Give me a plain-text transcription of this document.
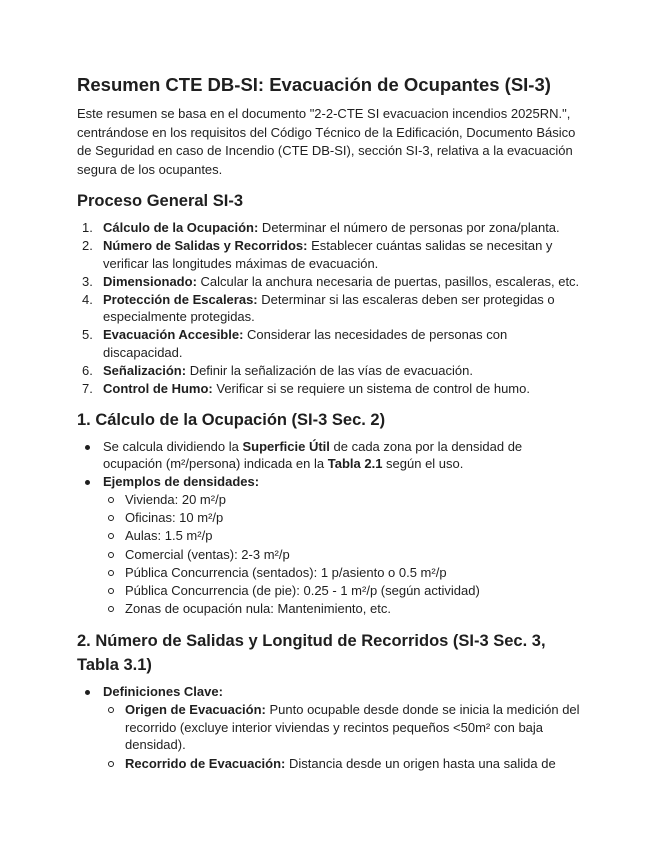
Resumen CTE DB-SI: Evacuación de Ocupantes (SI-3)

Este resumen se basa en el documento "2-2-CTE SI evacuacion incendios 2025RN.", centrándose en los requisitos del Código Técnico de la Edificación, Documento Básico de Seguridad en caso de Incendio (CTE DB-SI), sección SI-3, relativa a la evacuación segura de los ocupantes.

Proceso General SI-3
1. Cálculo de la Ocupación: Determinar el número de personas por zona/planta.
2. Número de Salidas y Recorridos: Establecer cuántas salidas se necesitan y verificar las longitudes máximas de evacuación.
3. Dimensionado: Calcular la anchura necesaria de puertas, pasillos, escaleras, etc.
4. Protección de Escaleras: Determinar si las escaleras deben ser protegidas o especialmente protegidas.
5. Evacuación Accesible: Considerar las necesidades de personas con discapacidad.
6. Señalización: Definir la señalización de las vías de evacuación.
7. Control de Humo: Verificar si se requiere un sistema de control de humo.
1. Cálculo de la Ocupación (SI-3 Sec. 2)
Se calcula dividiendo la Superficie Útil de cada zona por la densidad de ocupación (m²/persona) indicada en la Tabla 2.1 según el uso.
Ejemplos de densidades:
Vivienda: 20 m²/p
Oficinas: 10 m²/p
Aulas: 1.5 m²/p
Comercial (ventas): 2-3 m²/p
Pública Concurrencia (sentados): 1 p/asiento o 0.5 m²/p
Pública Concurrencia (de pie): 0.25 - 1 m²/p (según actividad)
Zonas de ocupación nula: Mantenimiento, etc.
2. Número de Salidas y Longitud de Recorridos (SI-3 Sec. 3, Tabla 3.1)
Definiciones Clave:
Origen de Evacuación: Punto ocupable desde donde se inicia la medición del recorrido (excluye interior viviendas y recintos pequeños <50m² con baja densidad).
Recorrido de Evacuación: Distancia desde un origen hasta una salida de
